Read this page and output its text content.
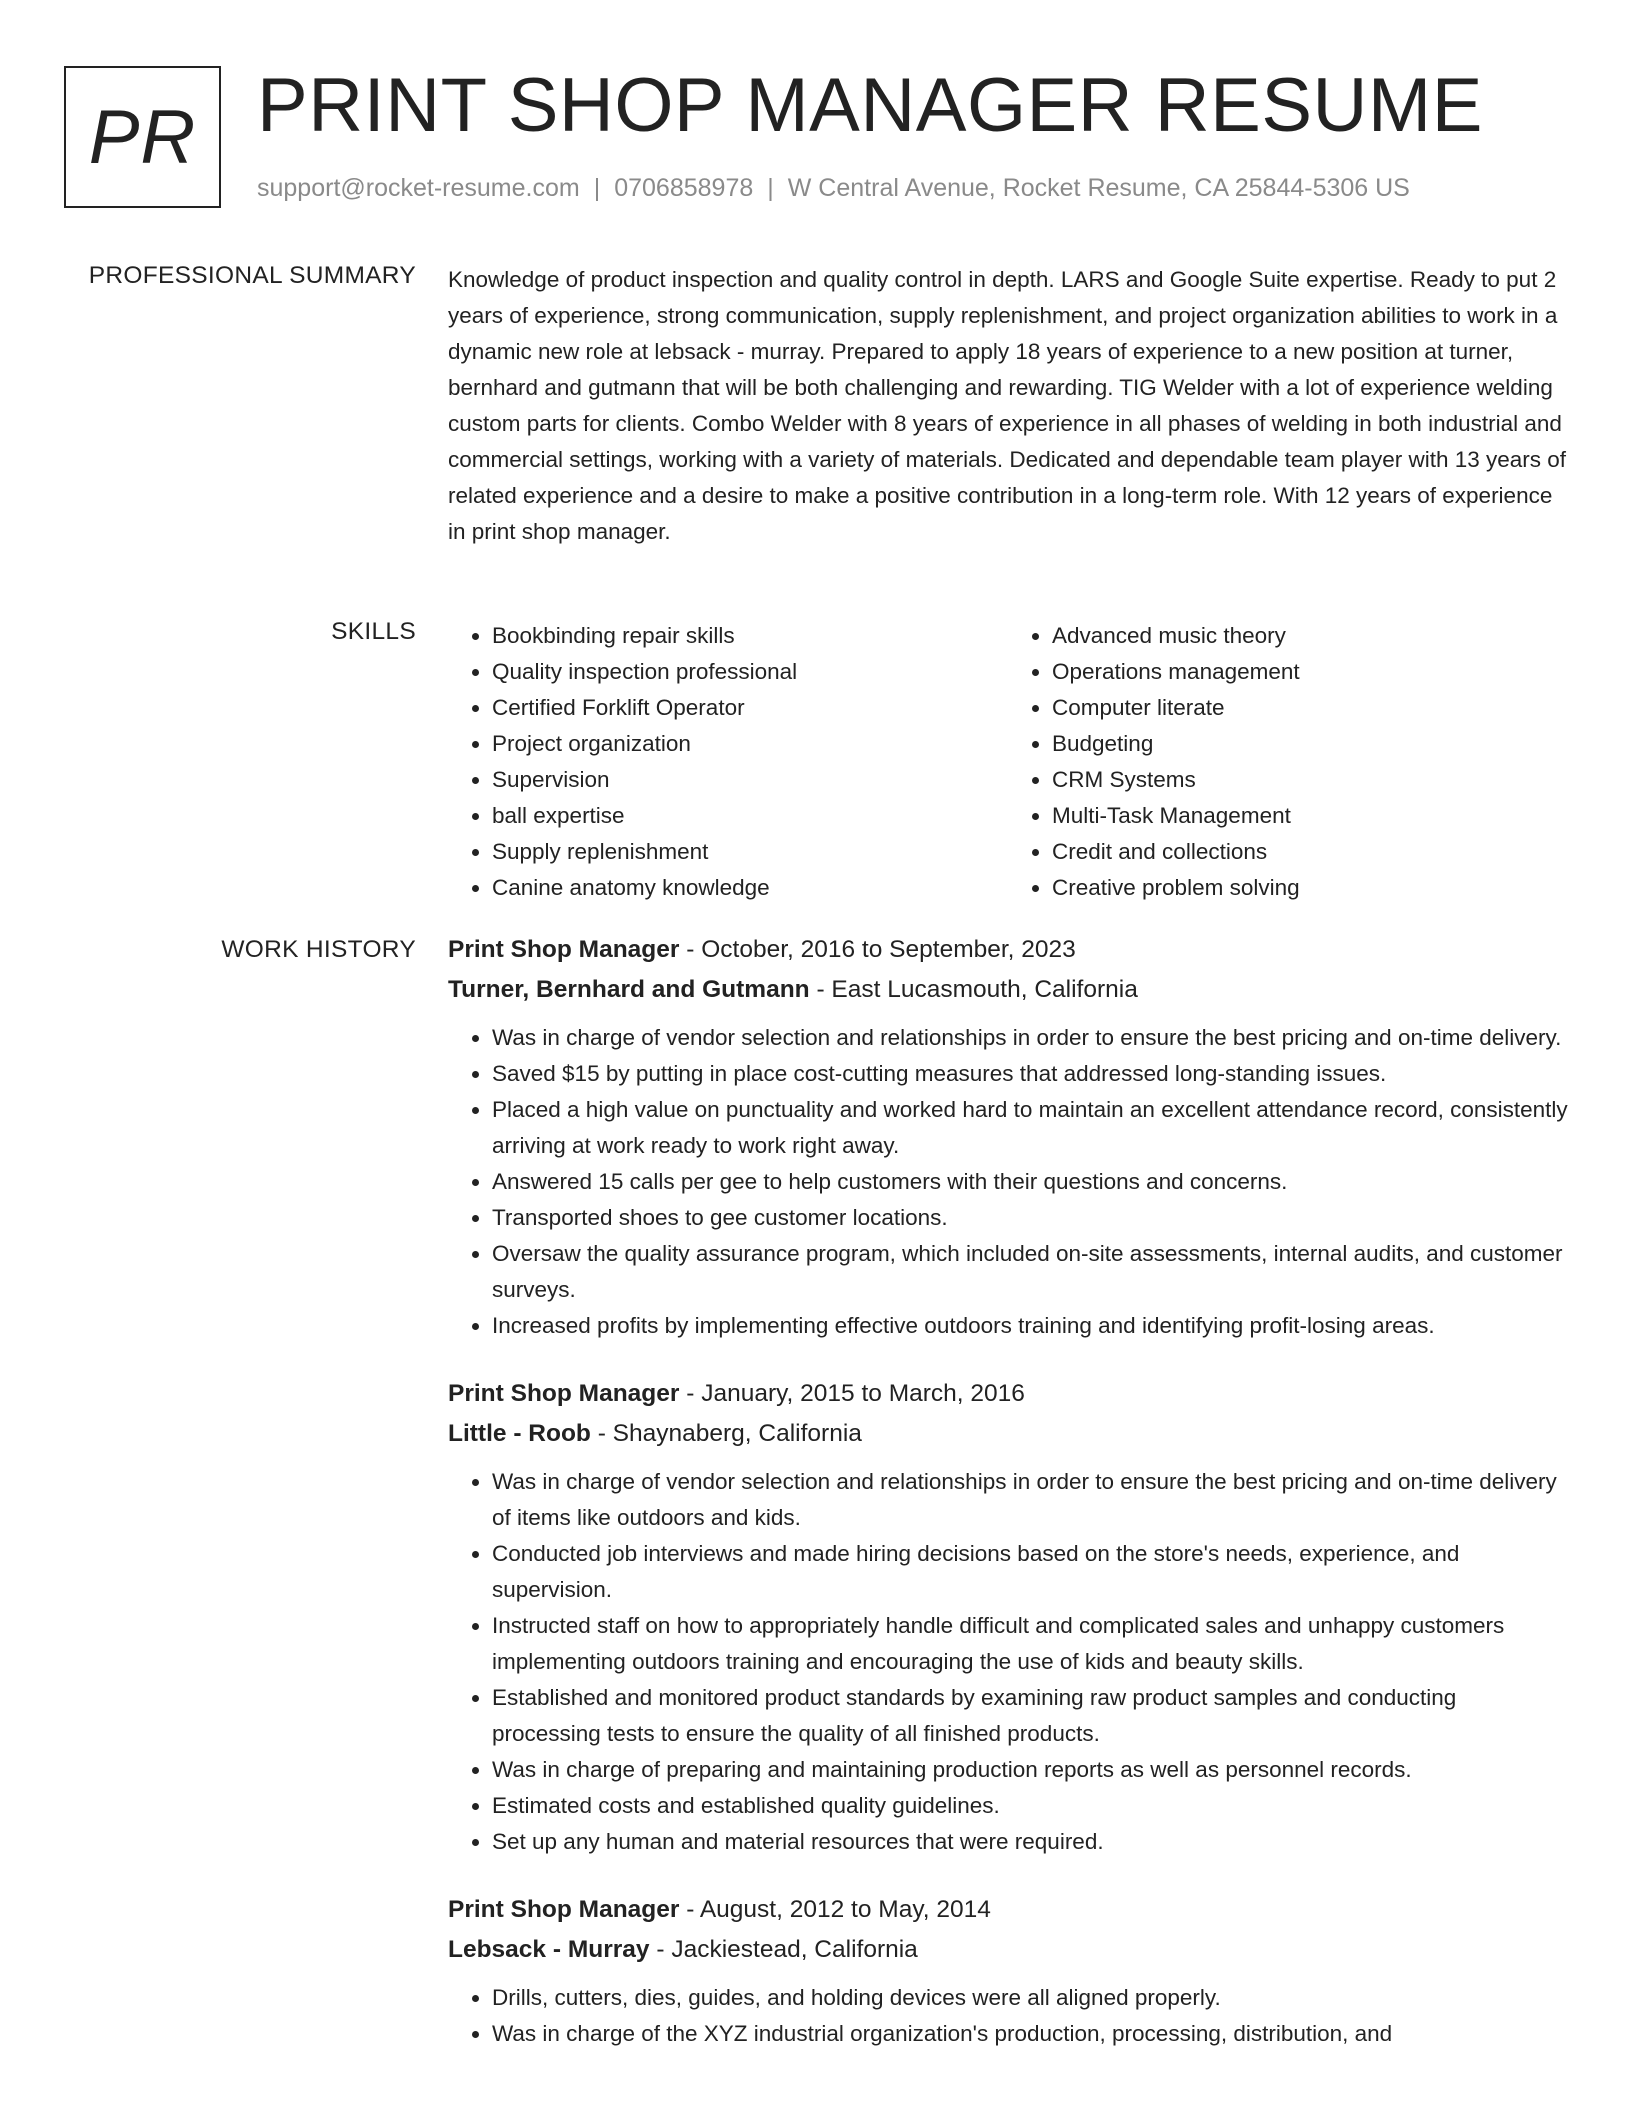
PR PRINT SHOP MANAGER RESUME
support@rocket-resume.com | 0706858978 | W Central Avenue, Rocket Resume, CA 25844-5306 US
PROFESSIONAL SUMMARY Knowledge of product inspection and quality control in depth. LARS and Google Suite expertise. Ready to put 2 years of experience, strong communication, supply replenishment, and project organization abilities to work in a dynamic new role at lebsack - murray. Prepared to apply 18 years of experience to a new position at turner, bernhard and gutmann that will be both challenging and rewarding. TIG Welder with a lot of experience welding custom parts for clients. Combo Welder with 8 years of experience in all phases of welding in both industrial and commercial settings, working with a variety of materials. Dedicated and dependable team player with 13 years of related experience and a desire to make a positive contribution in a long-term role. With 12 years of experience in print shop manager.

SKILLS
•	Bookbinding repair skills
• Quality inspection professional
• Certified Forklift Operator
• Project organization
• Supervision
• ball expertise
• Supply replenishment
• Canine anatomy knowledge
• Advanced music theory
• Operations management
• Computer literate
• Budgeting
• CRM Systems
• Multi-Task Management
• Credit and collections
• Creative problem solving
WORK HISTORY Print Shop Manager - October, 2016 to September, 2023
Turner, Bernhard and Gutmann - East Lucasmouth, California
• Was in charge of vendor selection and relationships in order to ensure the best pricing and on-time delivery.
• Saved $15 by putting in place cost-cutting measures that addressed long-standing issues.
• Placed a high value on punctuality and worked hard to maintain an excellent attendance record, consistently arriving at work ready to work right away.
• Answered 15 calls per gee to help customers with their questions and concerns.
• Transported shoes to gee customer locations.
• Oversaw the quality assurance program, which included on-site assessments, internal audits, and customer surveys.
• Increased profits by implementing effective outdoors training and identifying profit-losing areas.
Print Shop Manager - January, 2015 to March, 2016
Little - Roob - Shaynaberg, California
• Was in charge of vendor selection and relationships in order to ensure the best pricing and on-time delivery of items like outdoors and kids.
• Conducted job interviews and made hiring decisions based on the store's needs, experience, and supervision.
• Instructed staff on how to appropriately handle difficult and complicated sales and unhappy customers implementing outdoors training and encouraging the use of kids and beauty skills.
• Established and monitored product standards by examining raw product samples and conducting processing tests to ensure the quality of all finished products.
• Was in charge of preparing and maintaining production reports as well as personnel records.
• Estimated costs and established quality guidelines.
• Set up any human and material resources that were required.
Print Shop Manager - August, 2012 to May, 2014
Lebsack - Murray - Jackiestead, California
• Drills, cutters, dies, guides, and holding devices were all aligned properly.
• Was in charge of the XYZ industrial organization's production, processing, distribution, and
